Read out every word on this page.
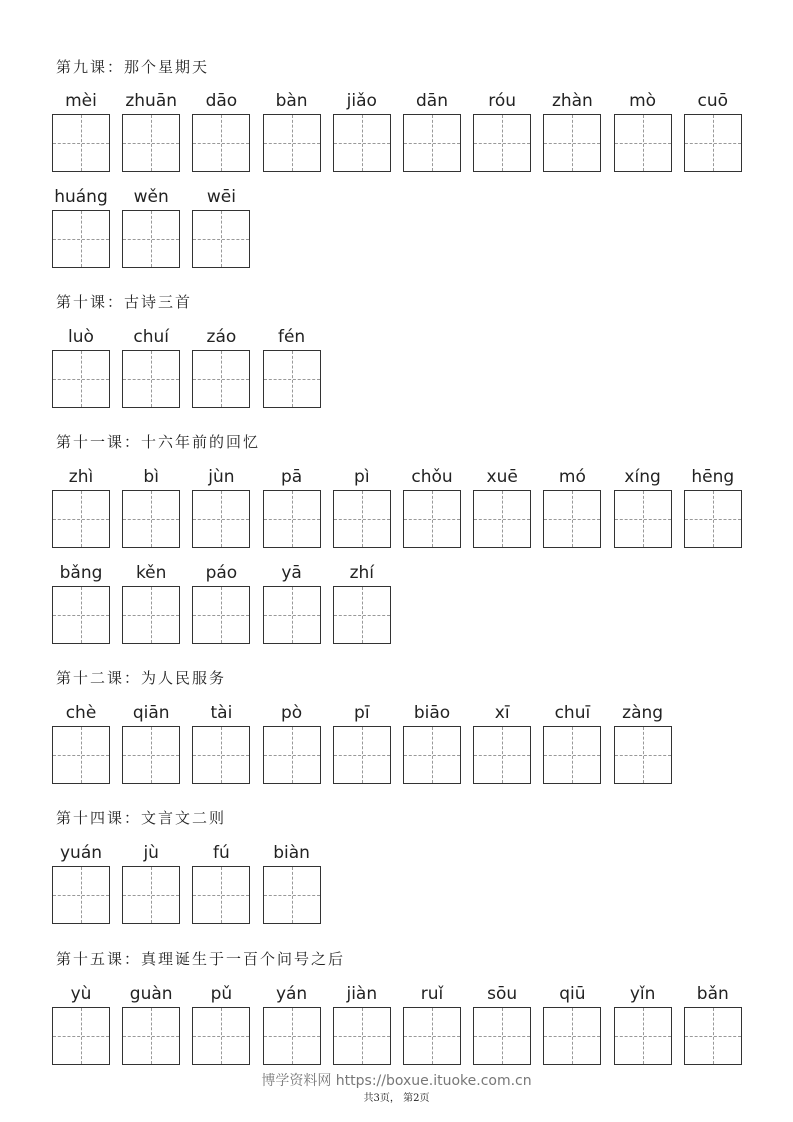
第九课：那个星期天
mèi	zhuān	dāo	bàn	jiǎo	dān	róu	zhàn	mò	cuō
huáng	wěn	wēi
第十课：古诗三首
luò	chuí	záo	fén
第十一课：十六年前的回忆
zhì	bì	jùn	pā	pì	chǒu	xuē	mó	xíng	hēng
bǎng	kěn	páo	yā	zhí
第十二课：为人民服务
chè	qiān	tài	pò	pī	biāo	xī	chuī	zàng
第十四课：文言文二则
yuán	jù	fú	biàn
第十五课：真理诞生于一百个问号之后
yù	guàn	pǔ	yán	jiàn	ruǐ	sōu	qiū	yǐn	bǎn
博学资料网 https://boxue.ituoke.com.cn
共3页， 第2页
